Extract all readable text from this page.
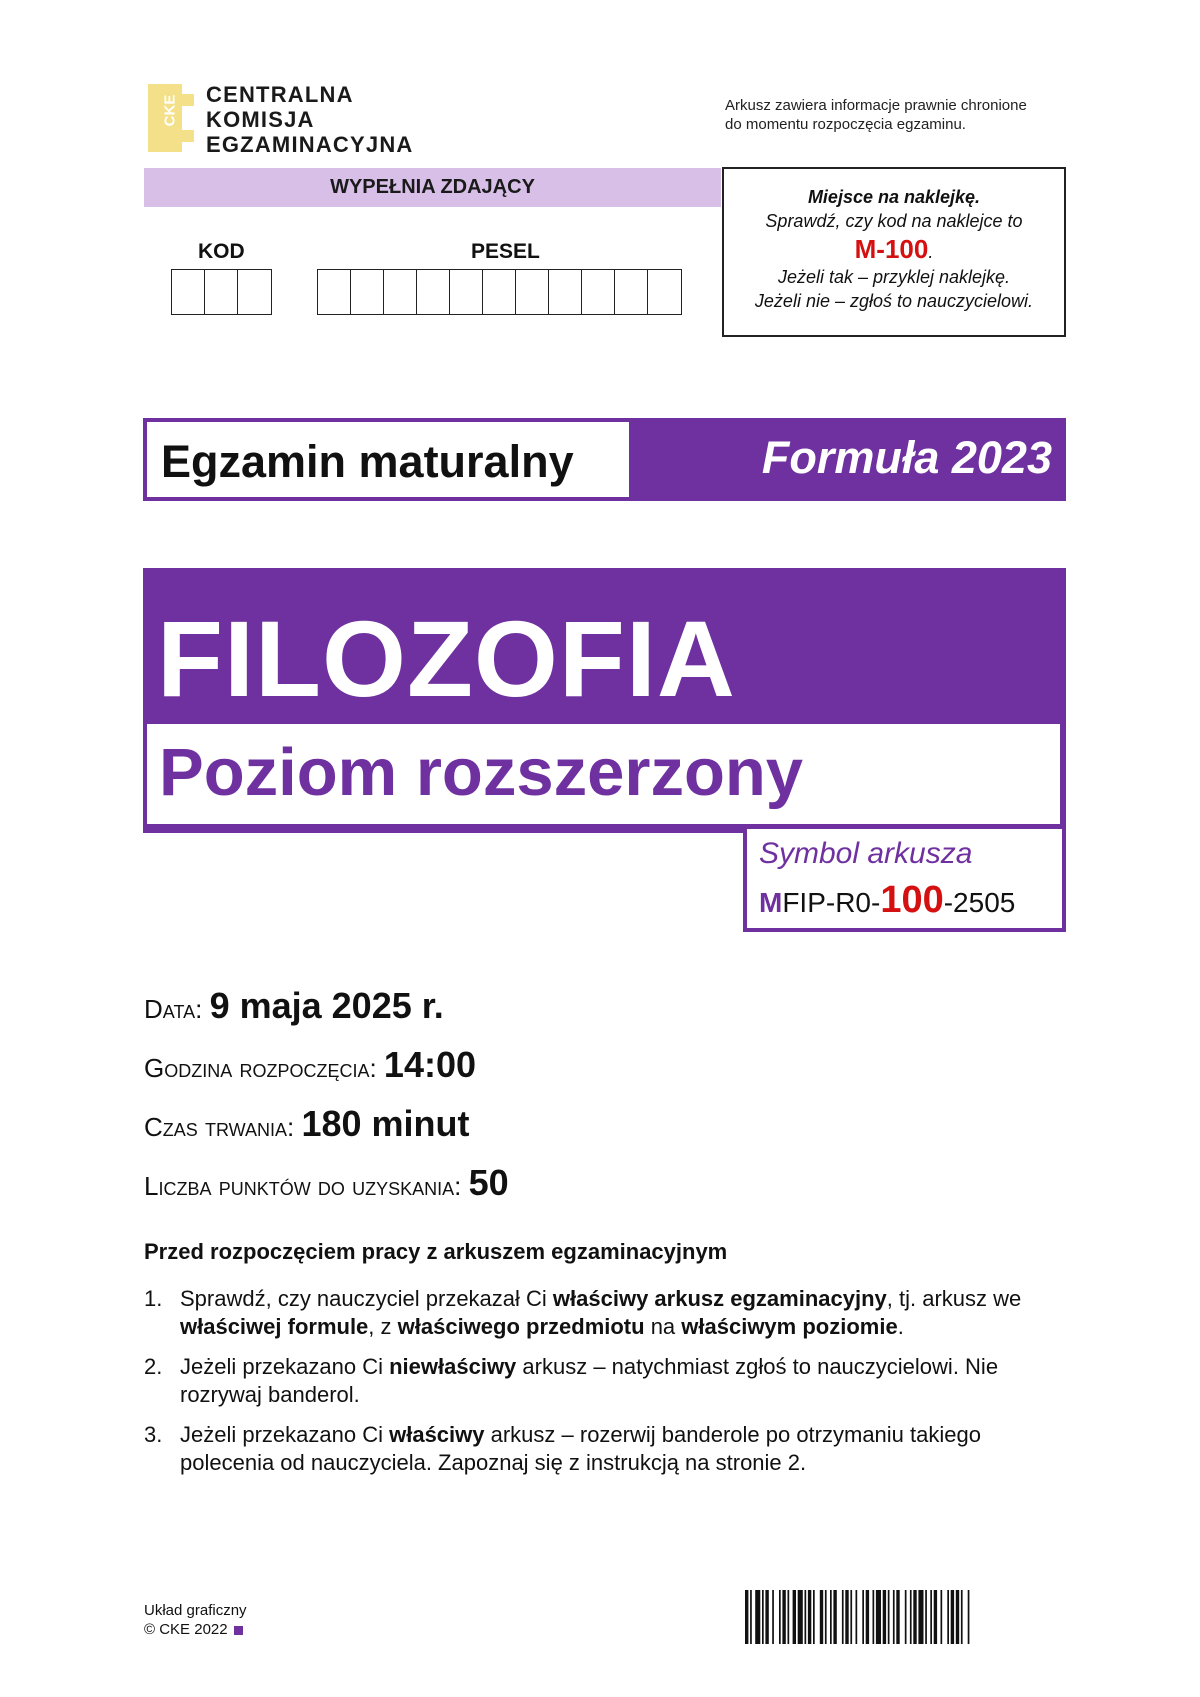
CKE
CENTRALNA
KOMISJA
EGZAMINACYJNA
Arkusz zawiera informacje prawnie chronione
do momentu rozpoczęcia egzaminu.
WYPEŁNIA ZDAJĄCY
KOD	PESEL
Miejsce na naklejkę.
Sprawdź, czy kod na naklejce to
M-100.
Jeżeli tak – przyklej naklejkę.
Jeżeli nie – zgłoś to nauczycielowi.
Egzamin maturalny	Formuła 2023
FILOZOFIA
Poziom rozszerzony
Symbol arkusza
MFIP-R0-100-2505
Data: 9 maja 2025 r.
Godzina rozpoczęcia: 14:00
Czas trwania: 180 minut
Liczba punktów do uzyskania: 50
Przed rozpoczęciem pracy z arkuszem egzaminacyjnym
1. Sprawdź, czy nauczyciel przekazał Ci właściwy arkusz egzaminacyjny, tj. arkusz we właściwej formule, z właściwego przedmiotu na właściwym poziomie.
2. Jeżeli przekazano Ci niewłaściwy arkusz – natychmiast zgłoś to nauczycielowi. Nie rozrywaj banderol.
3. Jeżeli przekazano Ci właściwy arkusz – rozerwij banderole po otrzymaniu takiego polecenia od nauczyciela. Zapoznaj się z instrukcją na stronie 2.
Układ graficzny
© CKE 2022
